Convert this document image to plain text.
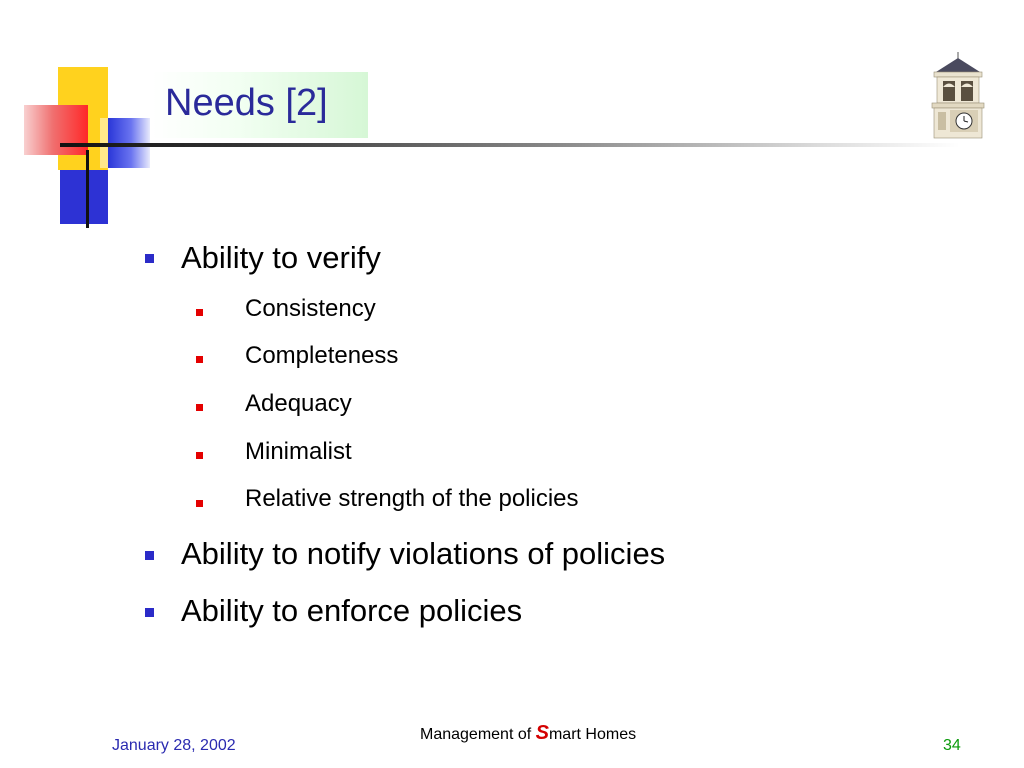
Needs [2]
Ability to verify
Consistency
Completeness
Adequacy
Minimalist
Relative strength of the policies
Ability to notify violations of policies
Ability to enforce policies
Management of Smart Homes
January 28, 2002	34
